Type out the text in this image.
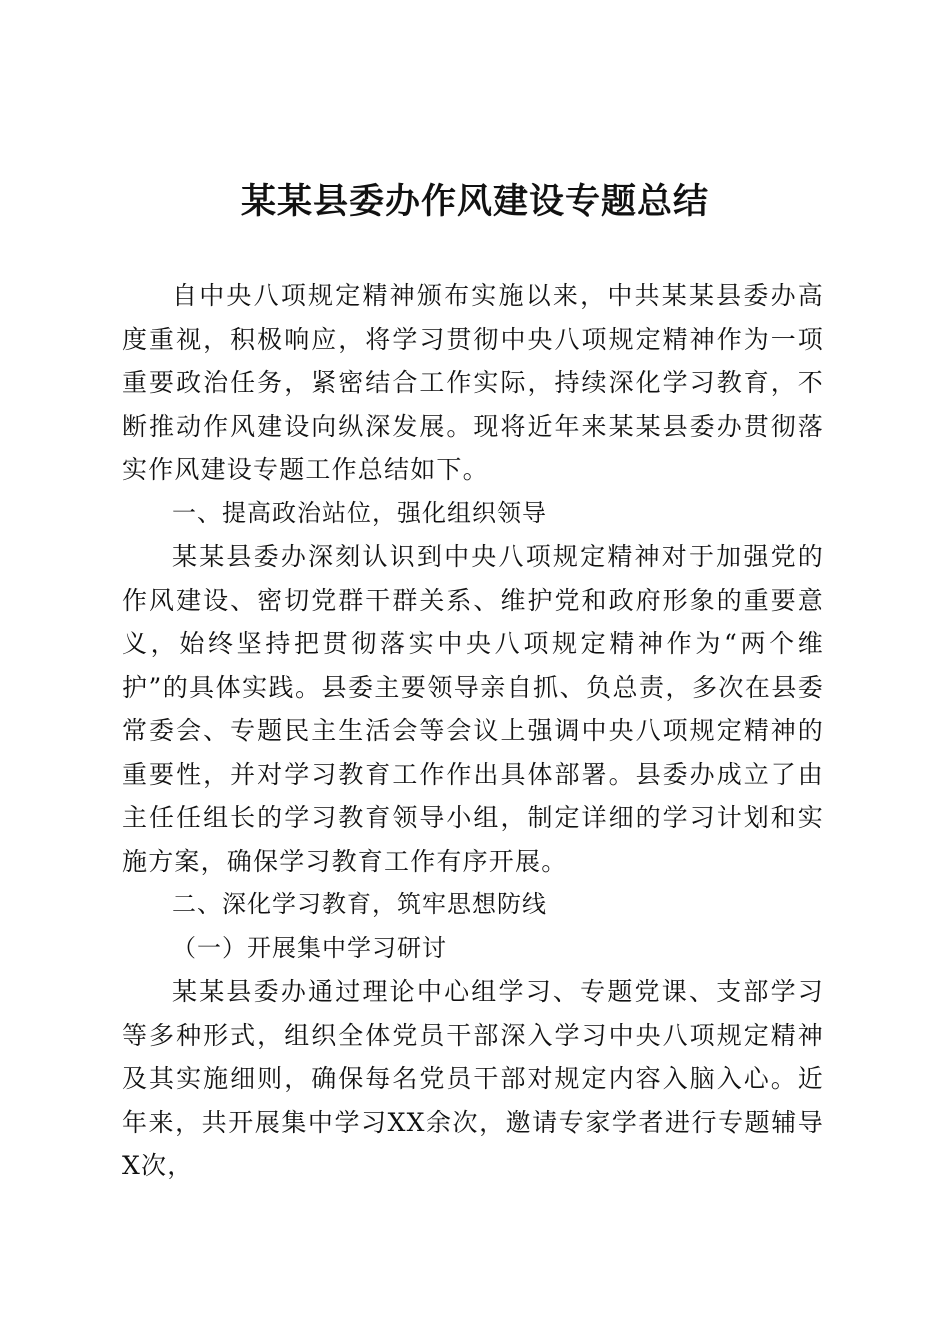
某某县委办作风建设专题总结

自中央八项规定精神颁布实施以来，中共某某县委办高度重视，积极响应，将学习贯彻中央八项规定精神作为一项重要政治任务，紧密结合工作实际，持续深化学习教育，不断推动作风建设向纵深发展。现将近年来某某县委办贯彻落实作风建设专题工作总结如下。

一、提高政治站位，强化组织领导

某某县委办深刻认识到中央八项规定精神对于加强党的作风建设、密切党群干群关系、维护党和政府形象的重要意义，始终坚持把贯彻落实中央八项规定精神作为“两个维护”的具体实践。县委主要领导亲自抓、负总责，多次在县委常委会、专题民主生活会等会议上强调中央八项规定精神的重要性，并对学习教育工作作出具体部署。县委办成立了由主任任组长的学习教育领导小组，制定详细的学习计划和实施方案，确保学习教育工作有序开展。

二、深化学习教育，筑牢思想防线

（一）开展集中学习研讨

某某县委办通过理论中心组学习、专题党课、支部学习等多种形式，组织全体党员干部深入学习中央八项规定精神及其实施细则，确保每名党员干部对规定内容入脑入心。近年来，共开展集中学习XX余次，邀请专家学者进行专题辅导X次，
